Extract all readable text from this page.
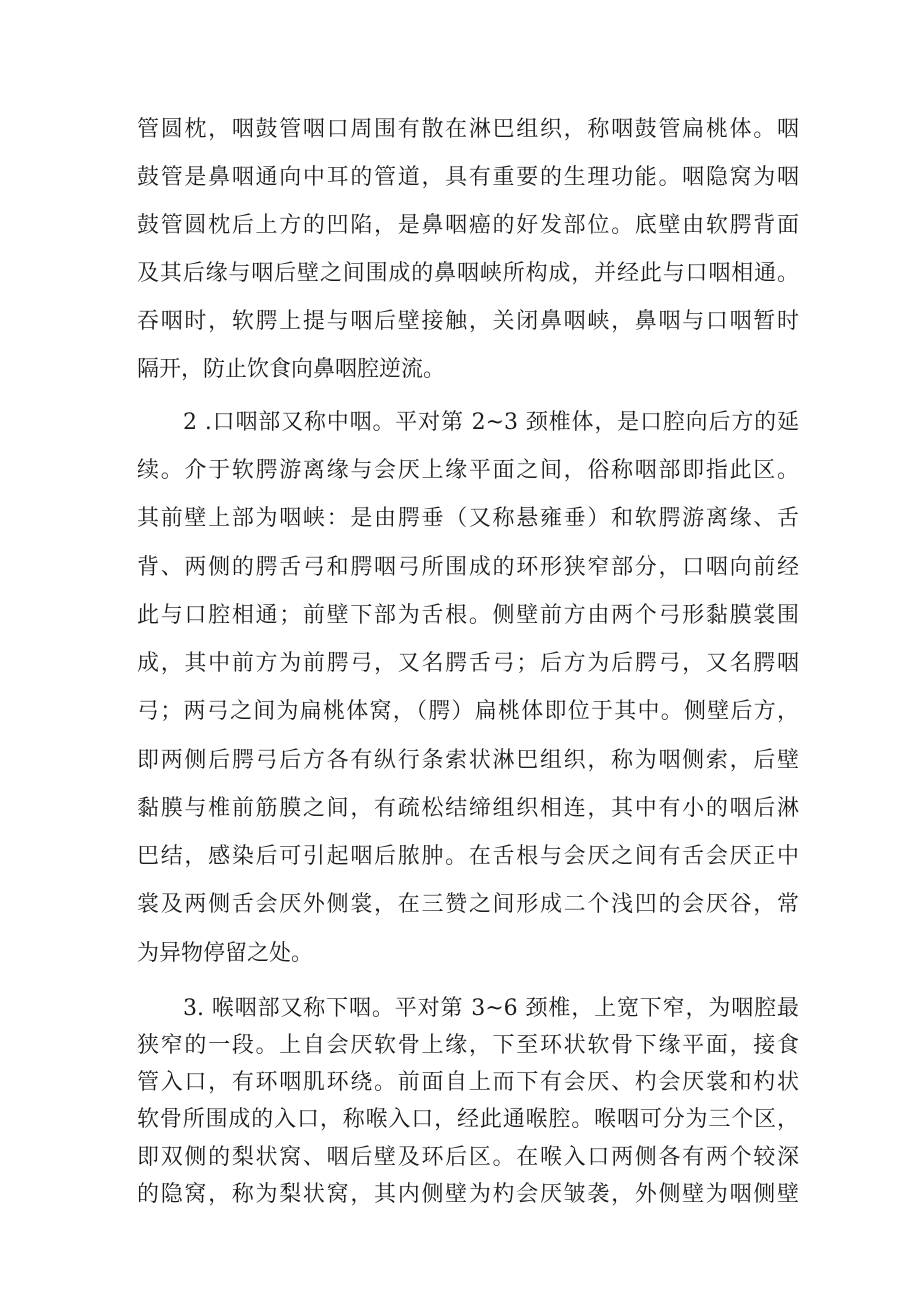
管圆枕，咽鼓管咽口周围有散在淋巴组织，称咽鼓管扁桃体。咽
鼓管是鼻咽通向中耳的管道，具有重要的生理功能。咽隐窝为咽
鼓管圆枕后上方的凹陷，是鼻咽癌的好发部位。底壁由软腭背面
及其后缘与咽后壁之间围成的鼻咽峡所构成，并经此与口咽相通。
吞咽时，软腭上提与咽后壁接触，关闭鼻咽峡，鼻咽与口咽暂时
隔开，防止饮食向鼻咽腔逆流。
2 .口咽部又称中咽。平对第 2~3 颈椎体，是口腔向后方的延
续。介于软腭游离缘与会厌上缘平面之间，俗称咽部即指此区。
其前壁上部为咽峡：是由腭垂（又称悬雍垂）和软腭游离缘、舌
背、两侧的腭舌弓和腭咽弓所围成的环形狭窄部分，口咽向前经
此与口腔相通；前壁下部为舌根。侧壁前方由两个弓形黏膜裳围
成，其中前方为前腭弓，又名腭舌弓；后方为后腭弓，又名腭咽
弓；两弓之间为扁桃体窝，（腭）扁桃体即位于其中。侧壁后方，
即两侧后腭弓后方各有纵行条索状淋巴组织，称为咽侧索，后壁
黏膜与椎前筋膜之间，有疏松结缔组织相连，其中有小的咽后淋
巴结，感染后可引起咽后脓肿。在舌根与会厌之间有舌会厌正中
裳及两侧舌会厌外侧裳，在三赞之间形成二个浅凹的会厌谷，常
为异物停留之处。
3. 喉咽部又称下咽。平对第 3~6 颈椎，上宽下窄，为咽腔最
狭窄的一段。上自会厌软骨上缘，下至环状软骨下缘平面，接食
管入口，有环咽肌环绕。前面自上而下有会厌、杓会厌裳和杓状
软骨所围成的入口，称喉入口，经此通喉腔。喉咽可分为三个区，
即双侧的梨状窝、咽后壁及环后区。在喉入口两侧各有两个较深
的隐窝，称为梨状窝，其内侧壁为杓会厌皱袭，外侧壁为咽侧壁
